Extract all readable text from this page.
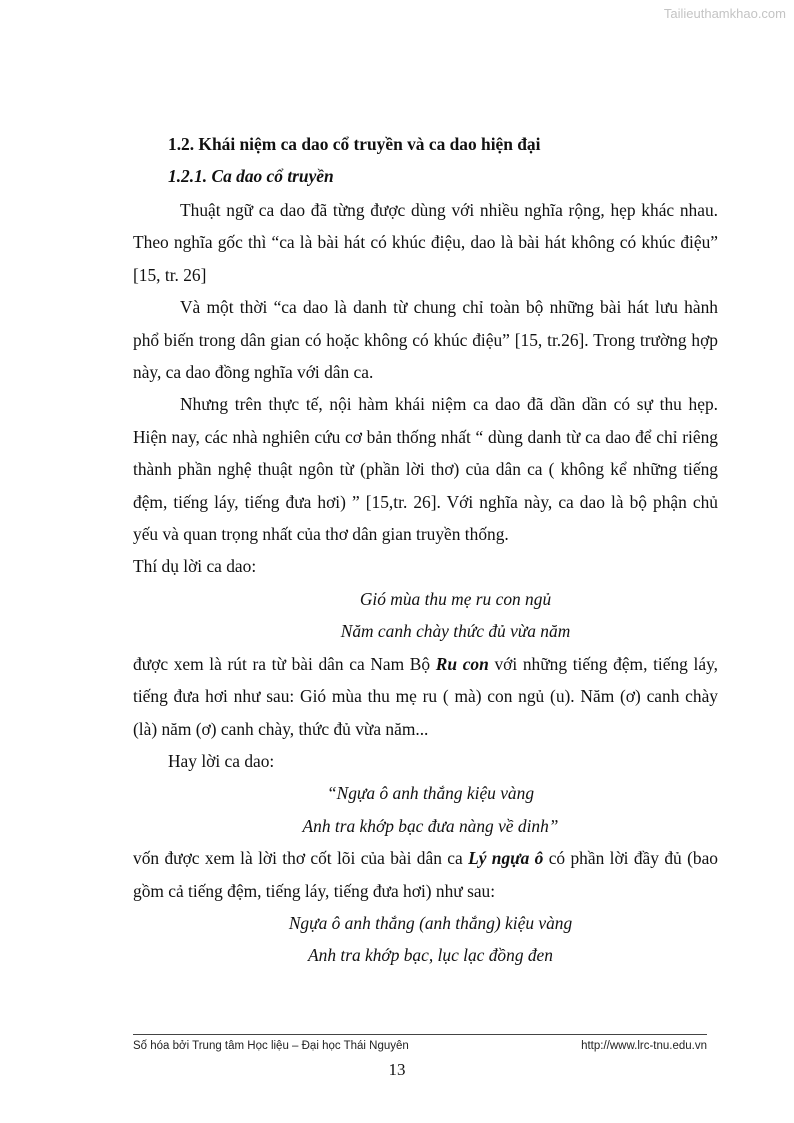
Tailieuthamkhao.com
1.2. Khái niệm ca dao cổ truyền và ca dao hiện đại
1.2.1. Ca dao cổ truyền

Thuật ngữ ca dao đã từng được dùng với nhiều nghĩa rộng, hẹp khác nhau. Theo nghĩa gốc thì “ca là bài hát có khúc điệu, dao là bài hát không có khúc điệu” [15, tr. 26]

Và một thời “ca dao là danh từ chung chỉ toàn bộ những bài hát lưu hành phổ biến trong dân gian có hoặc không có khúc điệu” [15, tr.26]. Trong trường hợp này, ca dao đồng nghĩa với dân ca.

Nhưng trên thực tế, nội hàm khái niệm ca dao đã dần dần có sự thu hẹp. Hiện nay, các nhà nghiên cứu cơ bản thống nhất “ dùng danh từ ca dao để chỉ riêng thành phần nghệ thuật ngôn từ (phần lời thơ) của dân ca ( không kể những tiếng đệm, tiếng láy, tiếng đưa hơi) ” [15,tr. 26]. Với nghĩa này, ca dao là bộ phận chủ yếu và quan trọng nhất của thơ dân gian truyền thống.

Thí dụ lời ca dao:

Gió mùa thu mẹ ru con ngủ

Năm canh chày thức đủ vừa năm

được xem là rút ra từ bài dân ca Nam Bộ Ru con với những tiếng đệm, tiếng láy, tiếng đưa hơi như sau: Gió mùa thu mẹ ru ( mà) con ngủ (u). Năm (ơ) canh chày (là) năm (ơ) canh chày, thức đủ vừa năm...

Hay lời ca dao:

“Ngựa ô anh thắng kiệu vàng

Anh tra khớp bạc đưa nàng về dinh”

vốn được xem là lời thơ cốt lõi của bài dân ca Lý ngựa ô có phần lời đầy đủ (bao gồm cả tiếng đệm, tiếng láy, tiếng đưa hơi) như sau:

Ngựa ô anh thắng (anh thắng) kiệu vàng

Anh tra khớp bạc, lục lạc đồng đen

Số hóa bởi Trung tâm Học liệu – Đại học Thái Nguyên	http://www.lrc-tnu.edu.vn
13
